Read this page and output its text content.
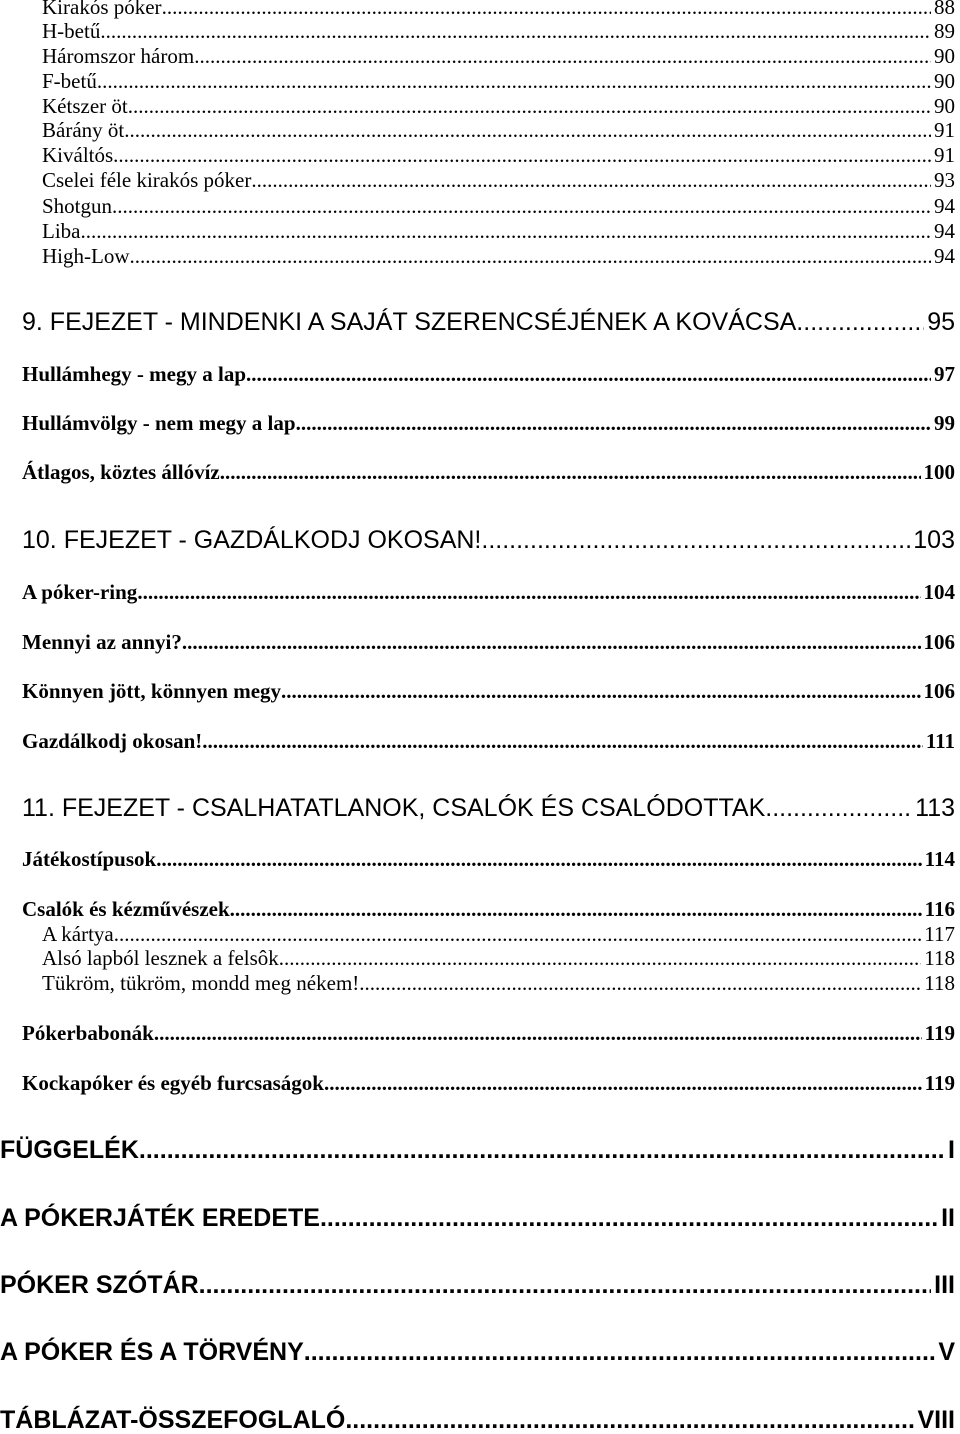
Kirakós póker .....	88
H-betű .....	89
Háromszor három .....	90
F-betű .....	90
Kétszer öt .....	90
Bárány öt .....	91
Kiváltós .....	91
Cselei féle kirakós póker .....	93
Shotgun .....	94
Liba .....	94
High-Low .....	94
9. FEJEZET - MINDENKI A SAJÁT SZERENCSÉJÉNEK A KOVÁCSA .....	95
Hullámhegy - megy a lap .....	97
Hullámvölgy - nem megy a lap .....	99
Átlagos, köztes állóvíz .....	100
10. FEJEZET - GAZDÁLKODJ OKOSAN! .....	103
A póker-ring .....	104
Mennyi az annyi? .....	106
Könnyen jött, könnyen megy .....	106
Gazdálkodj okosan! .....	111
11. FEJEZET - CSALHATATLANOK, CSALÓK ÉS CSALÓDOTTAK .....	113
Játékostípusok .....	114
Csalók és kézművészek .....	116
A kártya .....	117
Alsó lapból lesznek a felsôk .....	118
Tükröm, tükröm, mondd meg nékem! .....	118
Pókerbabonák .....	119
Kockapóker és egyéb furcsaságok .....	119
FÜGGELÉK .....	I
A PÓKERJÁTÉK EREDETE .....	II
PÓKER SZÓTÁR .....	III
A PÓKER ÉS A TÖRVÉNY .....	V
TÁBLÁZAT-ÖSSZEFOGLALÓ .....	VIII
